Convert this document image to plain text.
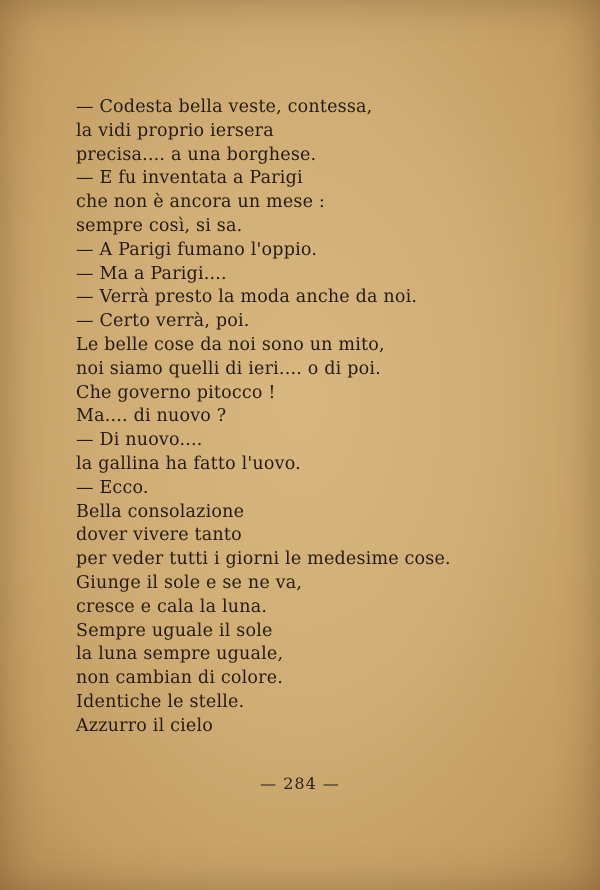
— Codesta bella veste, contessa,
la vidi proprio iersera
precisa.... a una borghese.
— E fu inventata a Parigi
che non è ancora un mese :
sempre così, si sa.
— A Parigi fumano l'oppio.
— Ma a Parigi....
— Verrà presto la moda anche da noi.
— Certo verrà, poi.
Le belle cose da noi sono un mito,
noi siamo quelli di ieri.... o di poi.
Che governo pitocco !
Ma.... di nuovo ?
— Di nuovo....
la gallina ha fatto l'uovo.
— Ecco.
Bella consolazione
dover vivere tanto
per veder tutti i giorni le medesime cose.
Giunge il sole e se ne va,
cresce e cala la luna.
Sempre uguale il sole
la luna sempre uguale,
non cambian di colore.
Identiche le stelle.
Azzurro il cielo
— 284 —
